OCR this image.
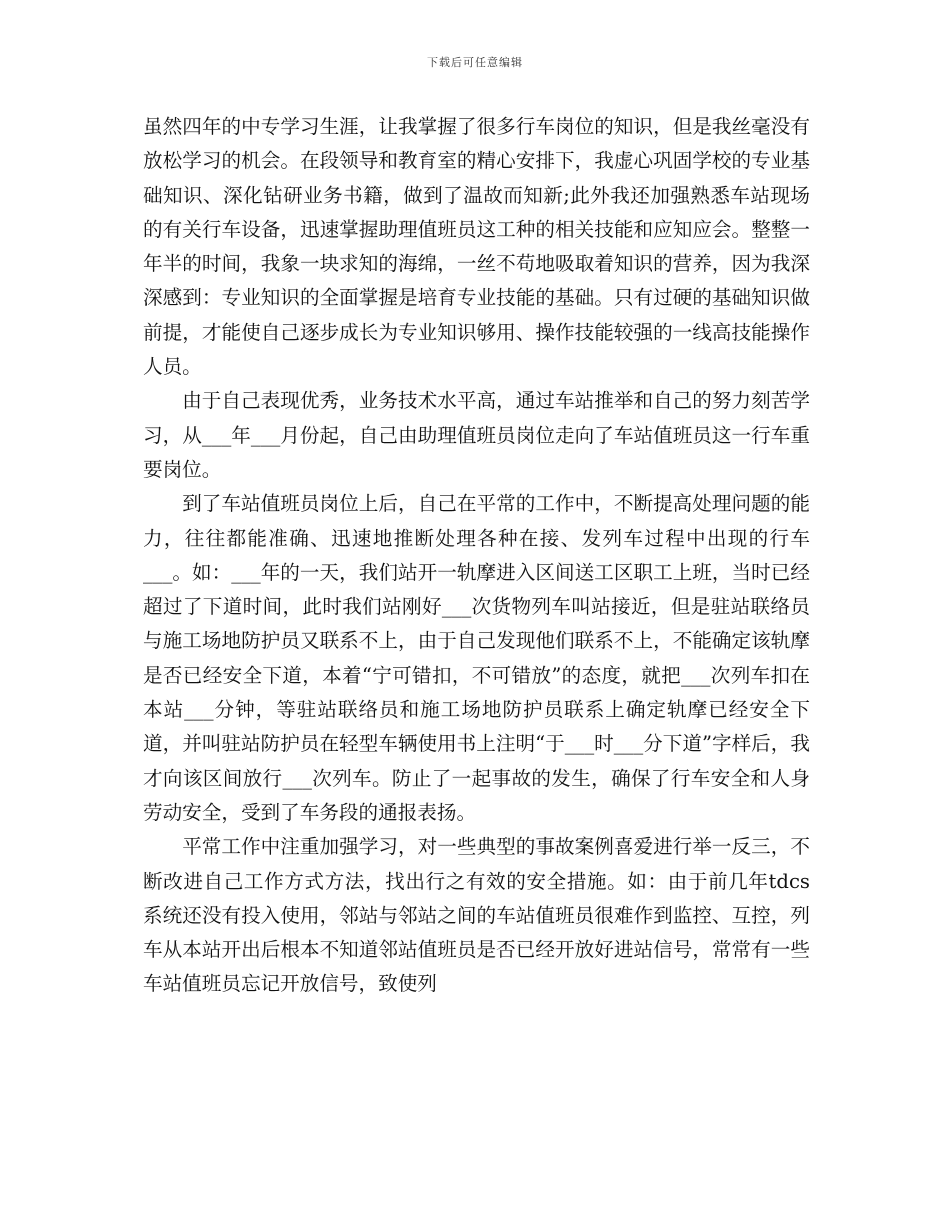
下载后可任意编辑

虽然四年的中专学习生涯，让我掌握了很多行车岗位的知识，但是我丝毫没有放松学习的机会。在段领导和教育室的精心安排下，我虚心巩固学校的专业基础知识、深化钻研业务书籍，做到了温故而知新;此外我还加强熟悉车站现场的有关行车设备，迅速掌握助理值班员这工种的相关技能和应知应会。整整一年半的时间，我象一块求知的海绵，一丝不苟地吸取着知识的营养，因为我深深感到：专业知识的全面掌握是培育专业技能的基础。只有过硬的基础知识做前提，才能使自己逐步成长为专业知识够用、操作技能较强的一线高技能操作人员。

由于自己表现优秀，业务技术水平高，通过车站推举和自己的努力刻苦学习，从___年___月份起，自己由助理值班员岗位走向了车站值班员这一行车重要岗位。

到了车站值班员岗位上后，自己在平常的工作中，不断提高处理问题的能力，往往都能准确、迅速地推断处理各种在接、发列车过程中出现的行车___。如：___年的一天，我们站开一轨摩进入区间送工区职工上班，当时已经超过了下道时间，此时我们站刚好___次货物列车叫站接近，但是驻站联络员与施工场地防护员又联系不上，由于自己发现他们联系不上，不能确定该轨摩是否已经安全下道，本着“宁可错扣，不可错放”的态度，就把___次列车扣在本站___分钟，等驻站联络员和施工场地防护员联系上确定轨摩已经安全下道，并叫驻站防护员在轻型车辆使用书上注明“于___时___分下道”字样后，我才向该区间放行___次列车。防止了一起事故的发生，确保了行车安全和人身劳动安全，受到了车务段的通报表扬。

平常工作中注重加强学习，对一些典型的事故案例喜爱进行举一反三，不断改进自己工作方式方法，找出行之有效的安全措施。如：由于前几年tdcs系统还没有投入使用，邻站与邻站之间的车站值班员很难作到监控、互控，列车从本站开出后根本不知道邻站值班员是否已经开放好进站信号，常常有一些车站值班员忘记开放信号，致使列
